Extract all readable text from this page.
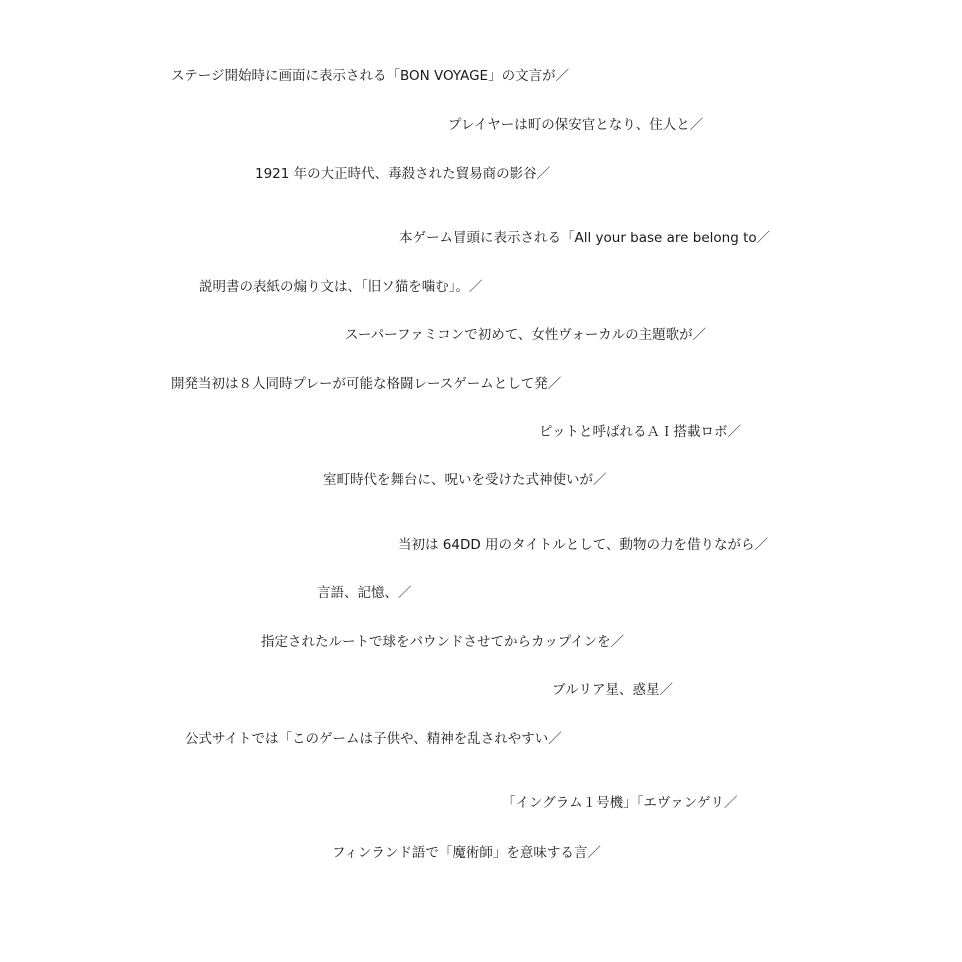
ステージ開始時に画面に表示される「BON VOYAGE」の文言が／
プレイヤーは町の保安官となり、住人と／
1921 年の大正時代、毒殺された貿易商の影谷／
本ゲーム冒頭に表示される「All your base are belong to／
説明書の表紙の煽り文は、「旧ソ猫を噛む」。／
スーパーファミコンで初めて、女性ヴォーカルの主題歌が／
開発当初は８人同時プレーが可能な格闘レースゲームとして発／
ピットと呼ばれるＡＩ搭載ロボ／
室町時代を舞台に、呪いを受けた式神使いが／
当初は 64DD 用のタイトルとして、動物の力を借りながら／
言語、記憶、／
指定されたルートで球をバウンドさせてからカップインを／
ブルリア星、惑星／
公式サイトでは「このゲームは子供や、精神を乱されやすい／
「イングラム１号機」「エヴァンゲリ／
フィンランド語で「魔術師」を意味する言／
